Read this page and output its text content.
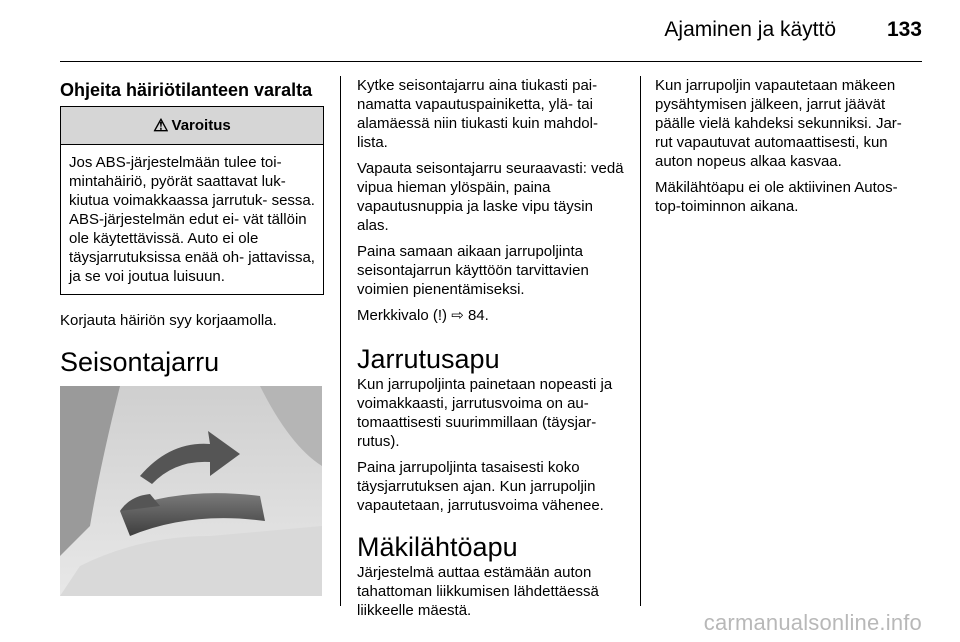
Ajaminen ja käyttö 133
Ohjeita häiriötilanteen varalta
⚠ Varoitus
Jos ABS-järjestelmään tulee toi- mintahäiriö, pyörät saattavat luk- kiutua voimakkaassa jarrutuk- sessa. ABS-järjestelmän edut ei- vät tällöin ole käytettävissä. Auto ei ole täysjarrutuksissa enää oh- jattavissa, ja se voi joutua luisuun.

Korjauta häiriön syy korjaamolla.

Seisontajarru

Kytke seisontajarru aina tiukasti pai- namatta vapautuspainiketta, ylä- tai alamäessä niin tiukasti kuin mahdol- lista.

Vapauta seisontajarru seuraavasti: vedä vipua hieman ylöspäin, paina vapautusnuppia ja laske vipu täysin alas.

Paina samaan aikaan jarrupoljinta seisontajarrun käyttöön tarvittavien voimien pienentämiseksi.

Merkkivalo (!) ⇨ 84.

Jarrutusapu

Kun jarrupoljinta painetaan nopeasti ja voimakkaasti, jarrutusvoima on au- tomaattisesti suurimmillaan (täysjar- rutus).

Paina jarrupoljinta tasaisesti koko täysjarrutuksen ajan. Kun jarrupoljin vapautetaan, jarrutusvoima vähenee.

Mäkilähtöapu

Järjestelmä auttaa estämään auton tahattoman liikkumisen lähdettäessä liikkeelle mäestä.

Kun jarrupoljin vapautetaan mäkeen pysähtymisen jälkeen, jarrut jäävät päälle vielä kahdeksi sekunniksi. Jar- rut vapautuvat automaattisesti, kun auton nopeus alkaa kasvaa.

Mäkilähtöapu ei ole aktiivinen Autos- top-toiminnon aikana.

carmanualsonline.info
